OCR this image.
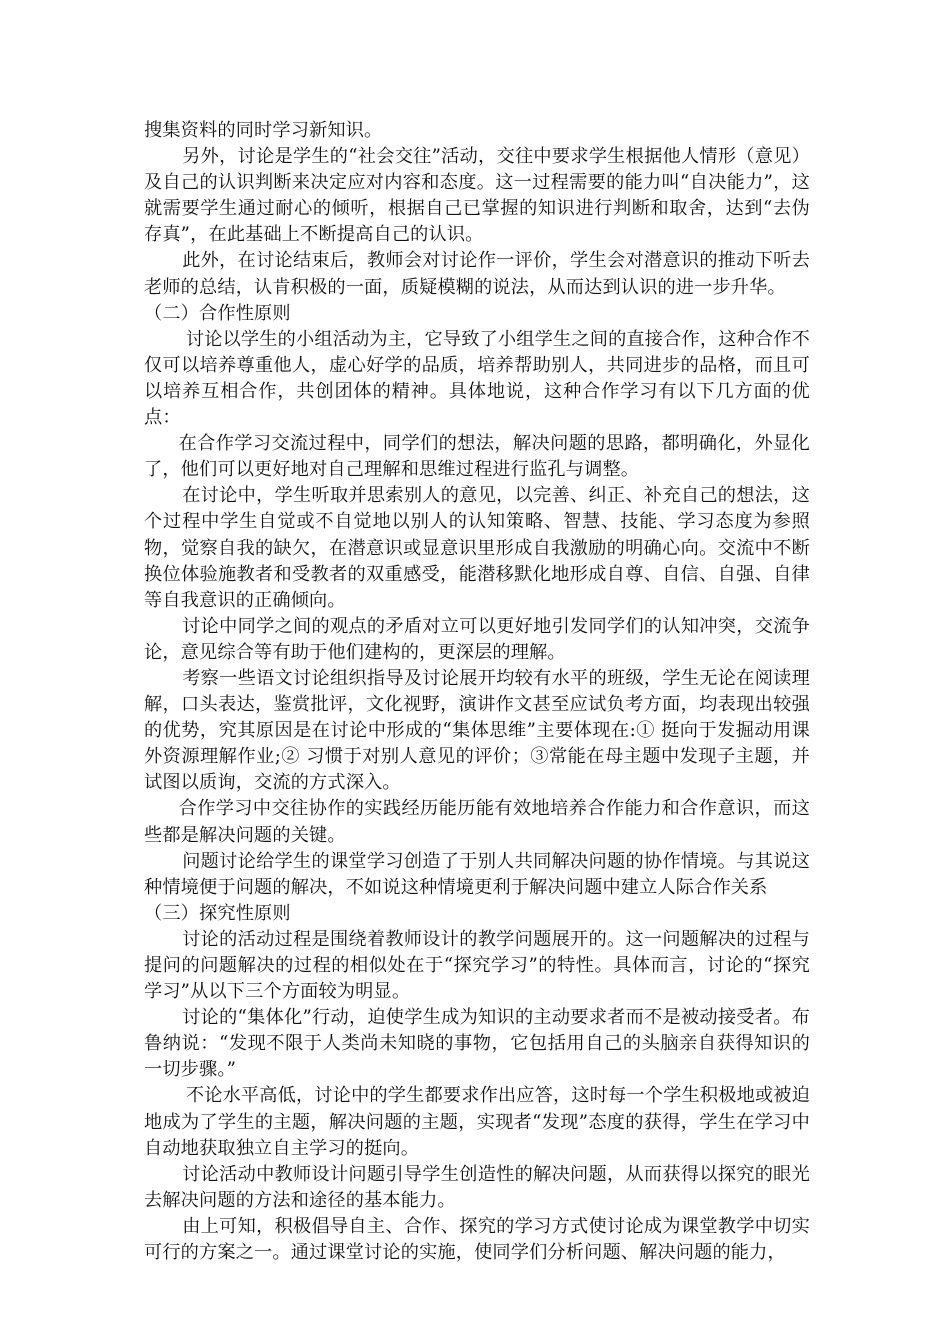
搜集资料的同时学习新知识。

另外，讨论是学生的“社会交往”活动，交往中要求学生根据他人情形（意见）及自己的认识判断来决定应对内容和态度。这一过程需要的能力叫“自决能力”，这就需要学生通过耐心的倾听，根据自己已掌握的知识进行判断和取舍，达到“去伪存真”，在此基础上不断提高自己的认识。

此外，在讨论结束后，教师会对讨论作一评价，学生会对潜意识的推动下听去老师的总结，认肯积极的一面，质疑模糊的说法，从而达到认识的进一步升华。

（二）合作性原则

讨论以学生的小组活动为主，它导致了小组学生之间的直接合作，这种合作不仅可以培养尊重他人，虚心好学的品质，培养帮助别人，共同进步的品格，而且可以培养互相合作，共创团体的精神。具体地说，这种合作学习有以下几方面的优点：

在合作学习交流过程中，同学们的想法，解决问题的思路，都明确化，外显化了，他们可以更好地对自己理解和思维过程进行监孔与调整。

在讨论中，学生听取并思索别人的意见，以完善、纠正、补充自己的想法，这个过程中学生自觉或不自觉地以别人的认知策略、智慧、技能、学习态度为参照物，觉察自我的缺欠，在潜意识或显意识里形成自我激励的明确心向。交流中不断换位体验施教者和受教者的双重感受，能潜移默化地形成自尊、自信、自强、自律等自我意识的正确倾向。

讨论中同学之间的观点的矛盾对立可以更好地引发同学们的认知冲突，交流争论，意见综合等有助于他们建构的，更深层的理解。

考察一些语文讨论组织指导及讨论展开均较有水平的班级，学生无论在阅读理解，口头表达，鉴赏批评，文化视野，演讲作文甚至应试负考方面，均表现出较强的优势，究其原因是在讨论中形成的“集体思维”主要体现在:① 挺向于发掘动用课外资源理解作业;② 习惯于对别人意见的评价；③常能在母主题中发现子主题，并试图以质询，交流的方式深入。

合作学习中交往协作的实践经历能历能有效地培养合作能力和合作意识，而这些都是解决问题的关键。

问题讨论给学生的课堂学习创造了于别人共同解决问题的协作情境。与其说这种情境便于问题的解决，不如说这种情境更利于解决问题中建立人际合作关系

（三）探究性原则

讨论的活动过程是围绕着教师设计的教学问题展开的。这一问题解决的过程与提问的问题解决的过程的相似处在于“探究学习”的特性。具体而言，讨论的“探究学习”从以下三个方面较为明显。

讨论的“集体化”行动，迫使学生成为知识的主动要求者而不是被动接受者。布鲁纳说：“发现不限于人类尚未知晓的事物，它包括用自己的头脑亲自获得知识的一切步骤。”

不论水平高低，讨论中的学生都要求作出应答，这时每一个学生积极地或被迫地成为了学生的主题，解决问题的主题，实现者“发现”态度的获得，学生在学习中自动地获取独立自主学习的挺向。

讨论活动中教师设计问题引导学生创造性的解决问题，从而获得以探究的眼光去解决问题的方法和途径的基本能力。

由上可知，积极倡导自主、合作、探究的学习方式使讨论成为课堂教学中切实可行的方案之一。通过课堂讨论的实施，使同学们分析问题、解决问题的能力，
